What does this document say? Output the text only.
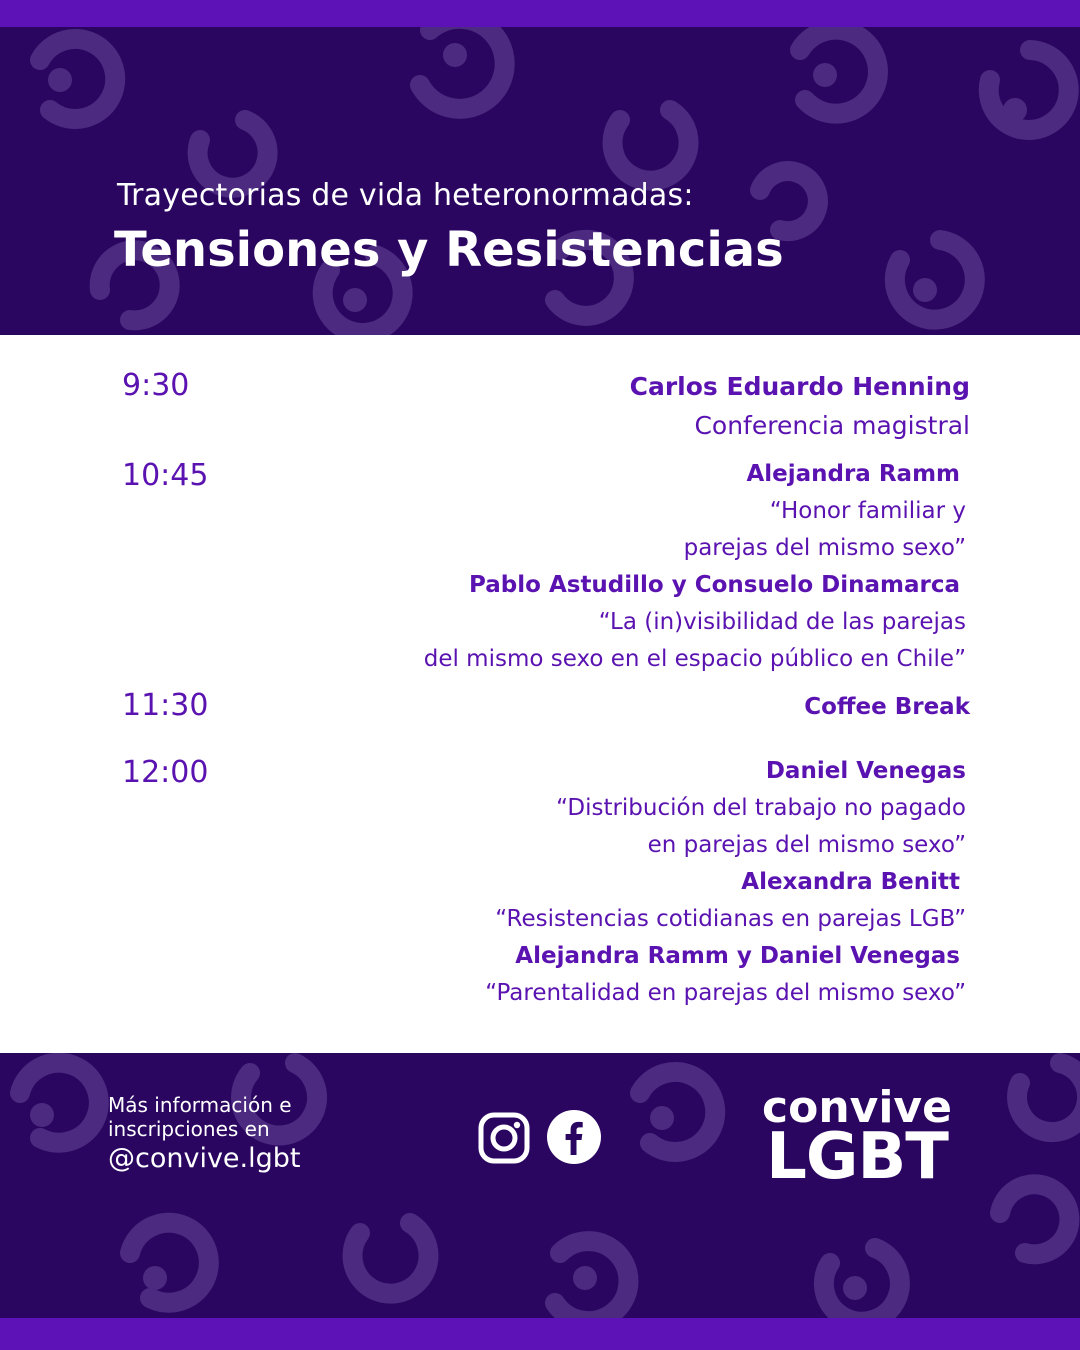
Trayectorias de vida heteronormadas:
Tensiones y Resistencias
9:30	Carlos Eduardo Henning
Conferencia magistral
10:45	Alejandra Ramm
“Honor familiar y
parejas del mismo sexo”
Pablo Astudillo y Consuelo Dinamarca
“La (in)visibilidad de las parejas
del mismo sexo en el espacio público en Chile”
11:30	Coffee Break
12:00	Daniel Venegas
“Distribución del trabajo no pagado
en parejas del mismo sexo”
Alexandra Benitt
“Resistencias cotidianas en parejas LGB”
Alejandra Ramm y Daniel Venegas
“Parentalidad en parejas del mismo sexo”
Más información e
inscripciones en
@convive.lgbt
convive
LGBT
